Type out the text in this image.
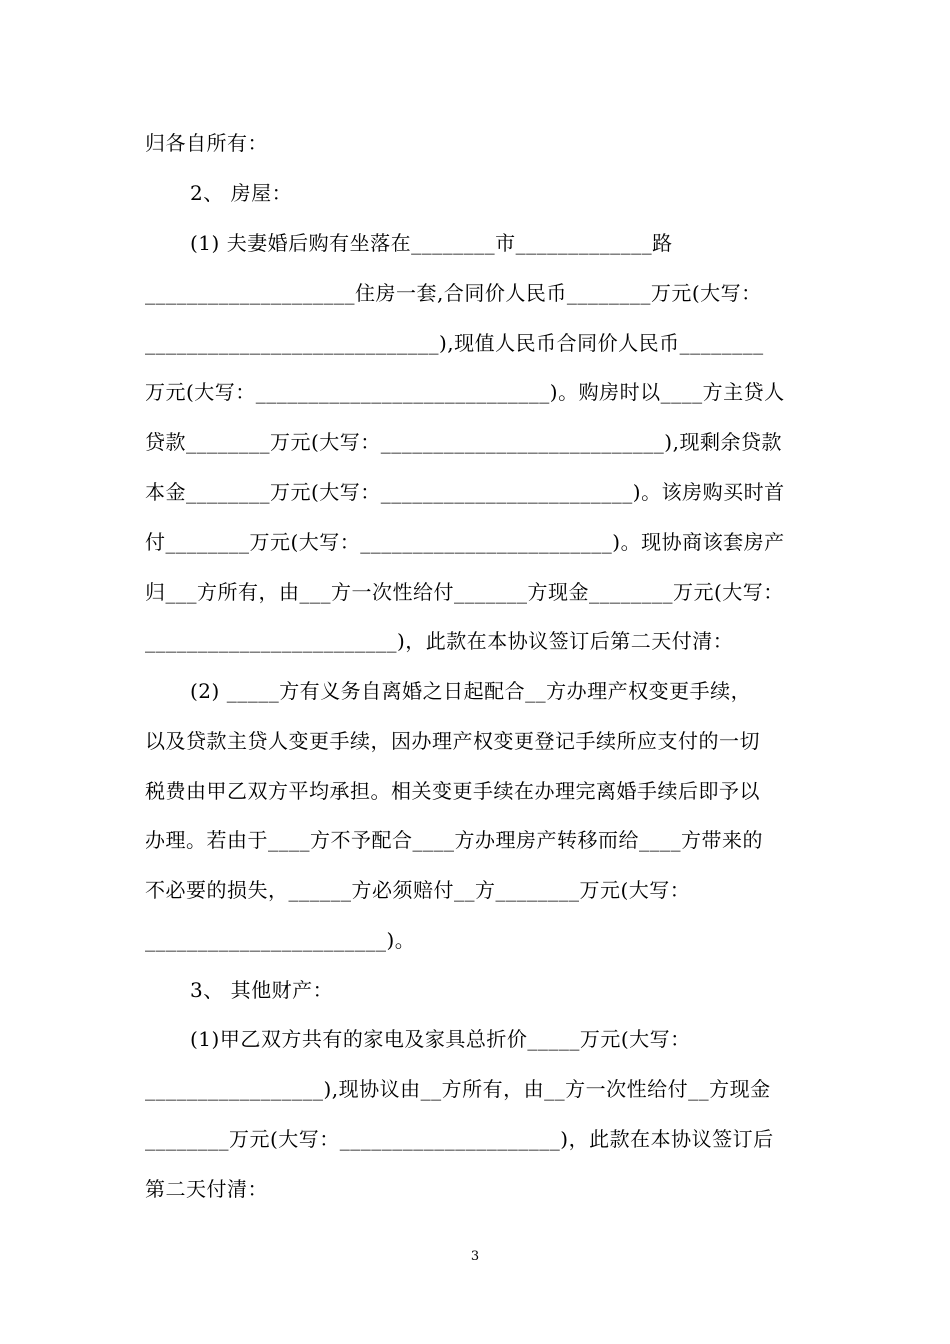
归各自所有：
2、 房屋：
(1) 夫妻婚后购有坐落在________市_____________路
____________________住房一套,合同价人民币________万元(大写：
____________________________),现值人民币合同价人民币________
万元(大写：____________________________)。购房时以____方主贷人
贷款________万元(大写：___________________________),现剩余贷款
本金________万元(大写：________________________)。该房购买时首
付________万元(大写：________________________)。现协商该套房产
归___方所有，由___方一次性给付_______方现金________万元(大写：
________________________)，此款在本协议签订后第二天付清：
(2) _____方有义务自离婚之日起配合__方办理产权变更手续，
以及贷款主贷人变更手续，因办理产权变更登记手续所应支付的一切
税费由甲乙双方平均承担。相关变更手续在办理完离婚手续后即予以
办理。若由于____方不予配合____方办理房产转移而给____方带来的
不必要的损失，______方必须赔付__方________万元(大写：
_______________________)。
3、 其他财产：
(1)甲乙双方共有的家电及家具总折价_____万元(大写：
_________________),现协议由__方所有，由__方一次性给付__方现金
________万元(大写：_____________________)，此款在本协议签订后
第二天付清：
3
